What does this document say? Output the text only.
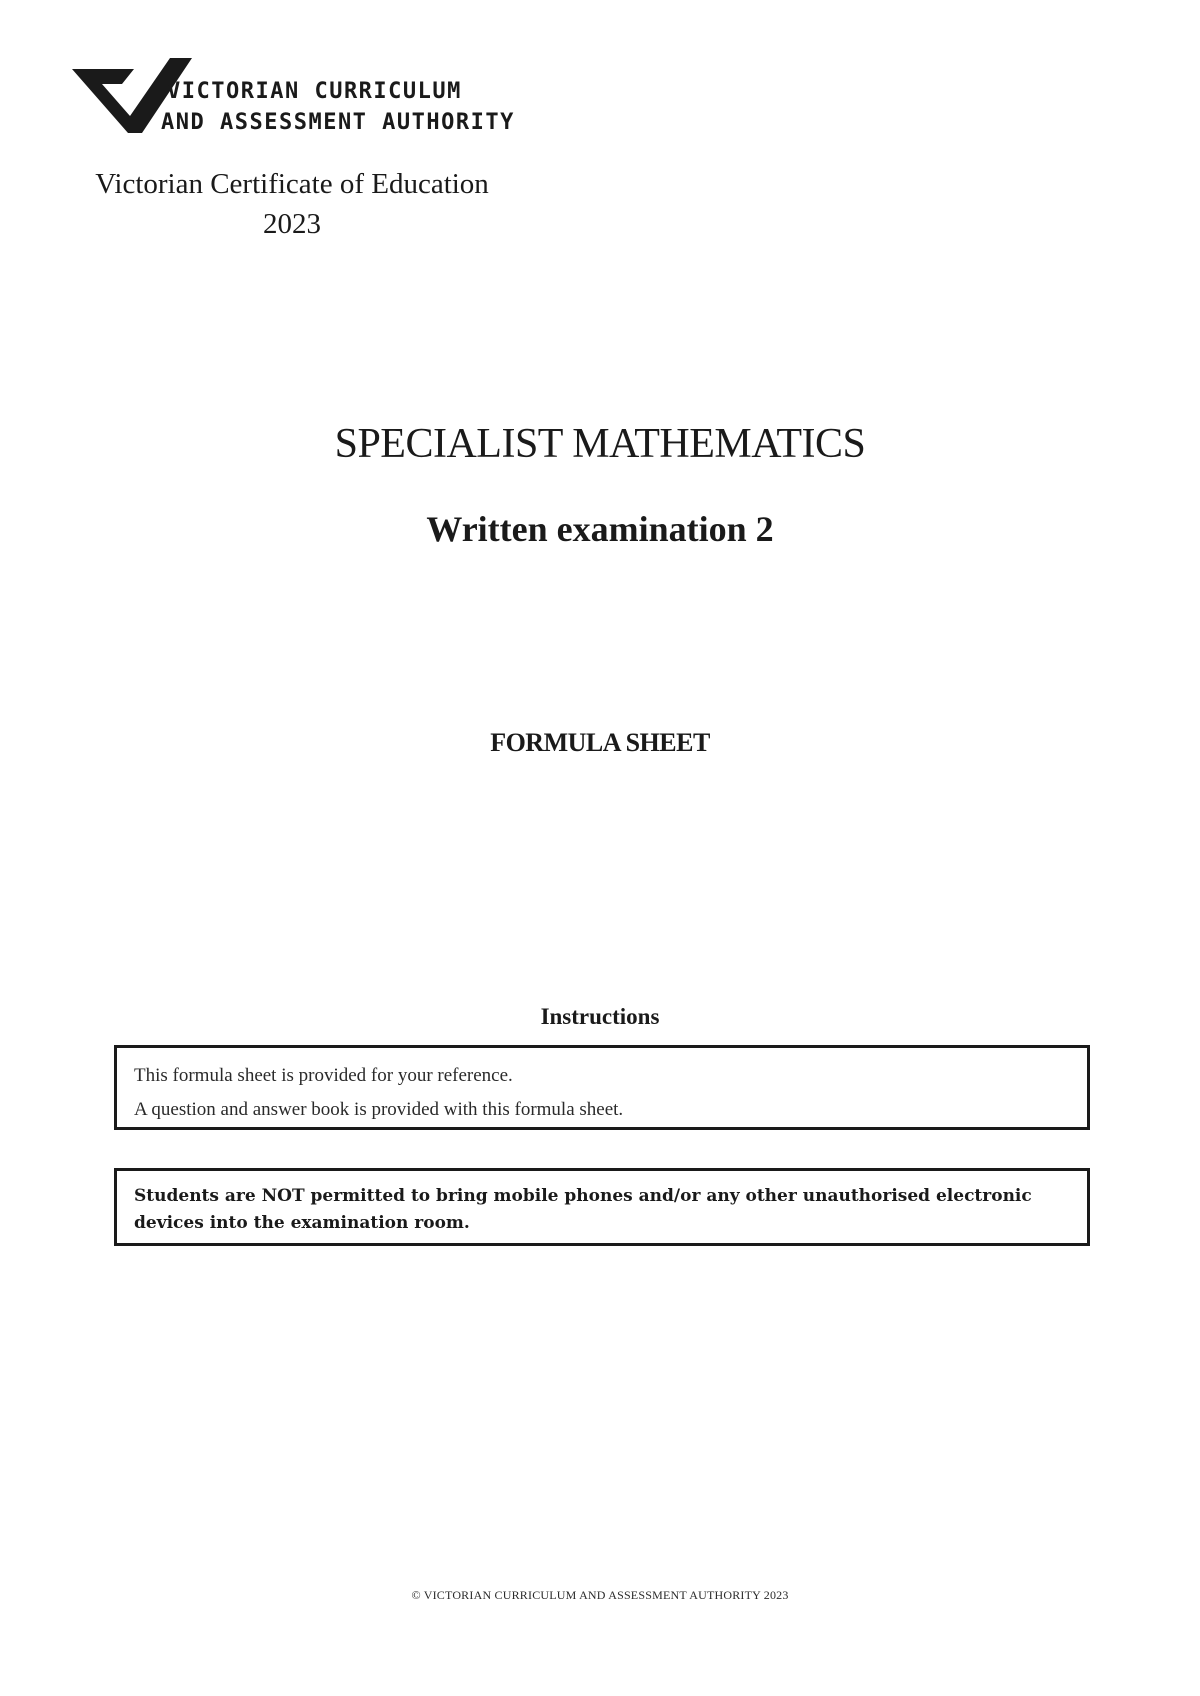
VICTORIAN CURRICULUM
AND ASSESSMENT AUTHORITY
Victorian Certificate of Education
2023
SPECIALIST MATHEMATICS
Written examination 2
FORMULA SHEET
Instructions

This formula sheet is provided for your reference.

A question and answer book is provided with this formula sheet.

Students are NOT permitted to bring mobile phones and/or any other unauthorised electronic devices into the examination room.

© VICTORIAN CURRICULUM AND ASSESSMENT AUTHORITY 2023
